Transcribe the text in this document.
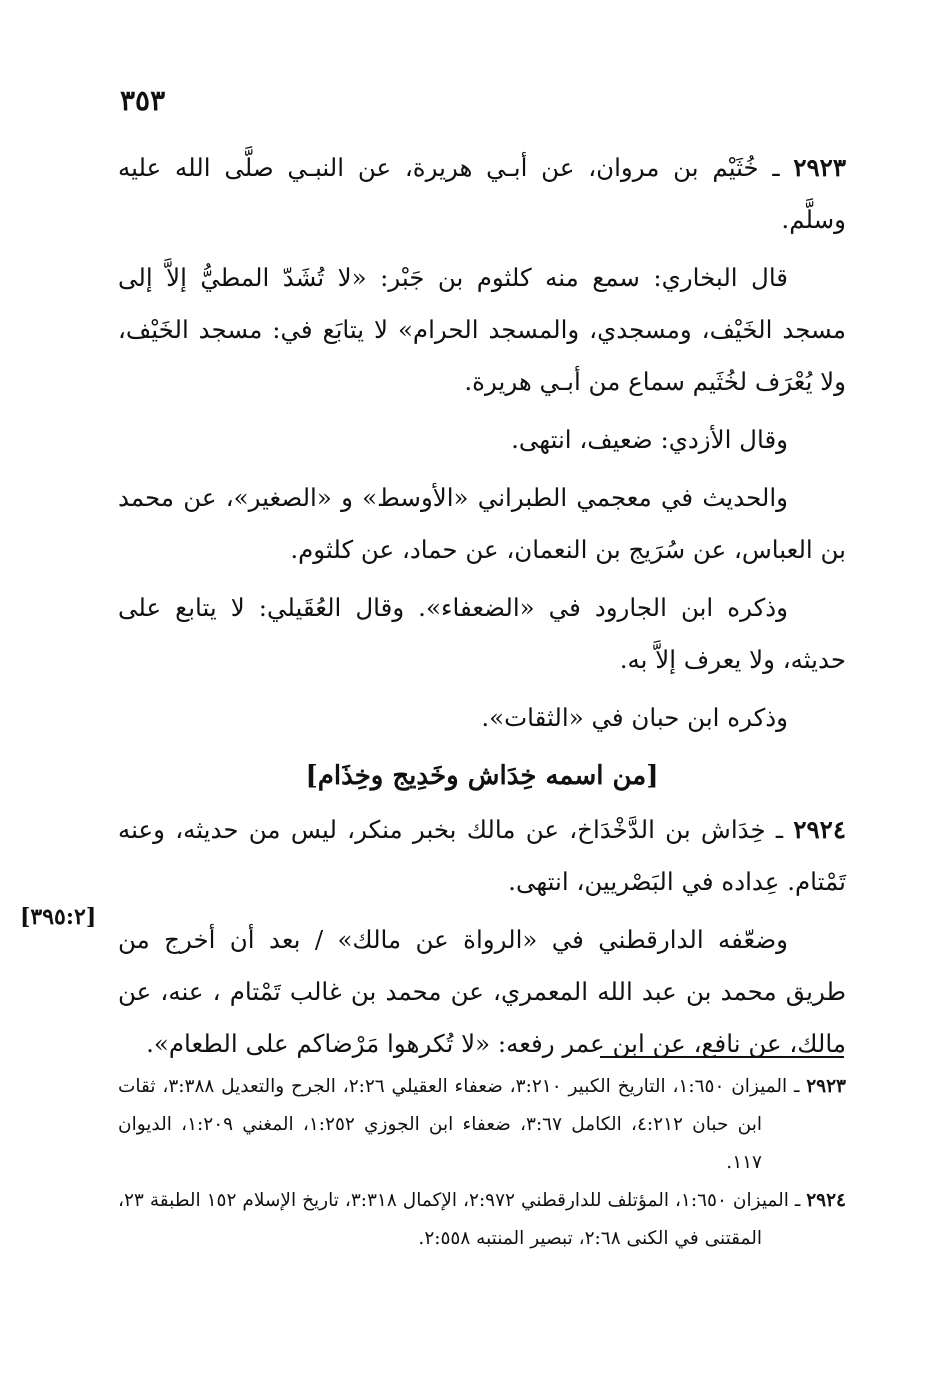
٣٥٣
[٣٩٥:٢]

٢٩٢٣ ـ خُثَيْم بن مروان، عن أبـي هريرة، عن النبـي صلَّى الله عليه وسلَّم.

قال البخاري: سمع منه كلثوم بن جَبْر: «لا تُشَدّ المطيُّ إلاَّ إلى مسجد الخَيْف، ومسجدي، والمسجد الحرام» لا يتابَع في: مسجد الخَيْف، ولا يُعْرَف لخُثَيم سماع من أبـي هريرة.

وقال الأزدي: ضعيف، انتهى.

والحديث في معجمي الطبراني «الأوسط» و «الصغير»، عن محمد بن العباس، عن سُرَيج بن النعمان، عن حماد، عن كلثوم.

وذكره ابن الجارود في «الضعفاء». وقال العُقَيلي: لا يتابع على حديثه، ولا يعرف إلاَّ به.

وذكره ابن حبان في «الثقات».

[من اسمه خِدَاش وخَدِيج وخِذَام]

٢٩٢٤ ـ خِدَاش بن الدَّخْدَاخ، عن مالك بخبر منكر، ليس من حديثه، وعنه تَمْتام. عِداده في البَصْريين، انتهى.

وضعّفه الدارقطني في «الرواة عن مالك» / بعد أن أخرج من طريق محمد بن عبد الله المعمري، عن محمد بن غالب تَمْتام ، عنه، عن مالك، عن نافع، عن ابن عمر رفعه: «لا تُكرهوا مَرْضاكم على الطعام».

٢٩٢٣ ـ الميزان ١:٦٥٠، التاريخ الكبير ٣:٢١٠، ضعفاء العقيلي ٢:٢٦، الجرح والتعديل ٣:٣٨٨، ثقات ابن حبان ٤:٢١٢، الكامل ٣:٦٧، ضعفاء ابن الجوزي ١:٢٥٢، المغني ١:٢٠٩، الديوان ١١٧.

٢٩٢٤ ـ الميزان ١:٦٥٠، المؤتلف للدارقطني ٢:٩٧٢، الإكمال ٣:٣١٨، تاريخ الإسلام ١٥٢ الطبقة ٢٣، المقتنى في الكنى ٢:٦٨، تبصير المنتبه ٢:٥٥٨.
